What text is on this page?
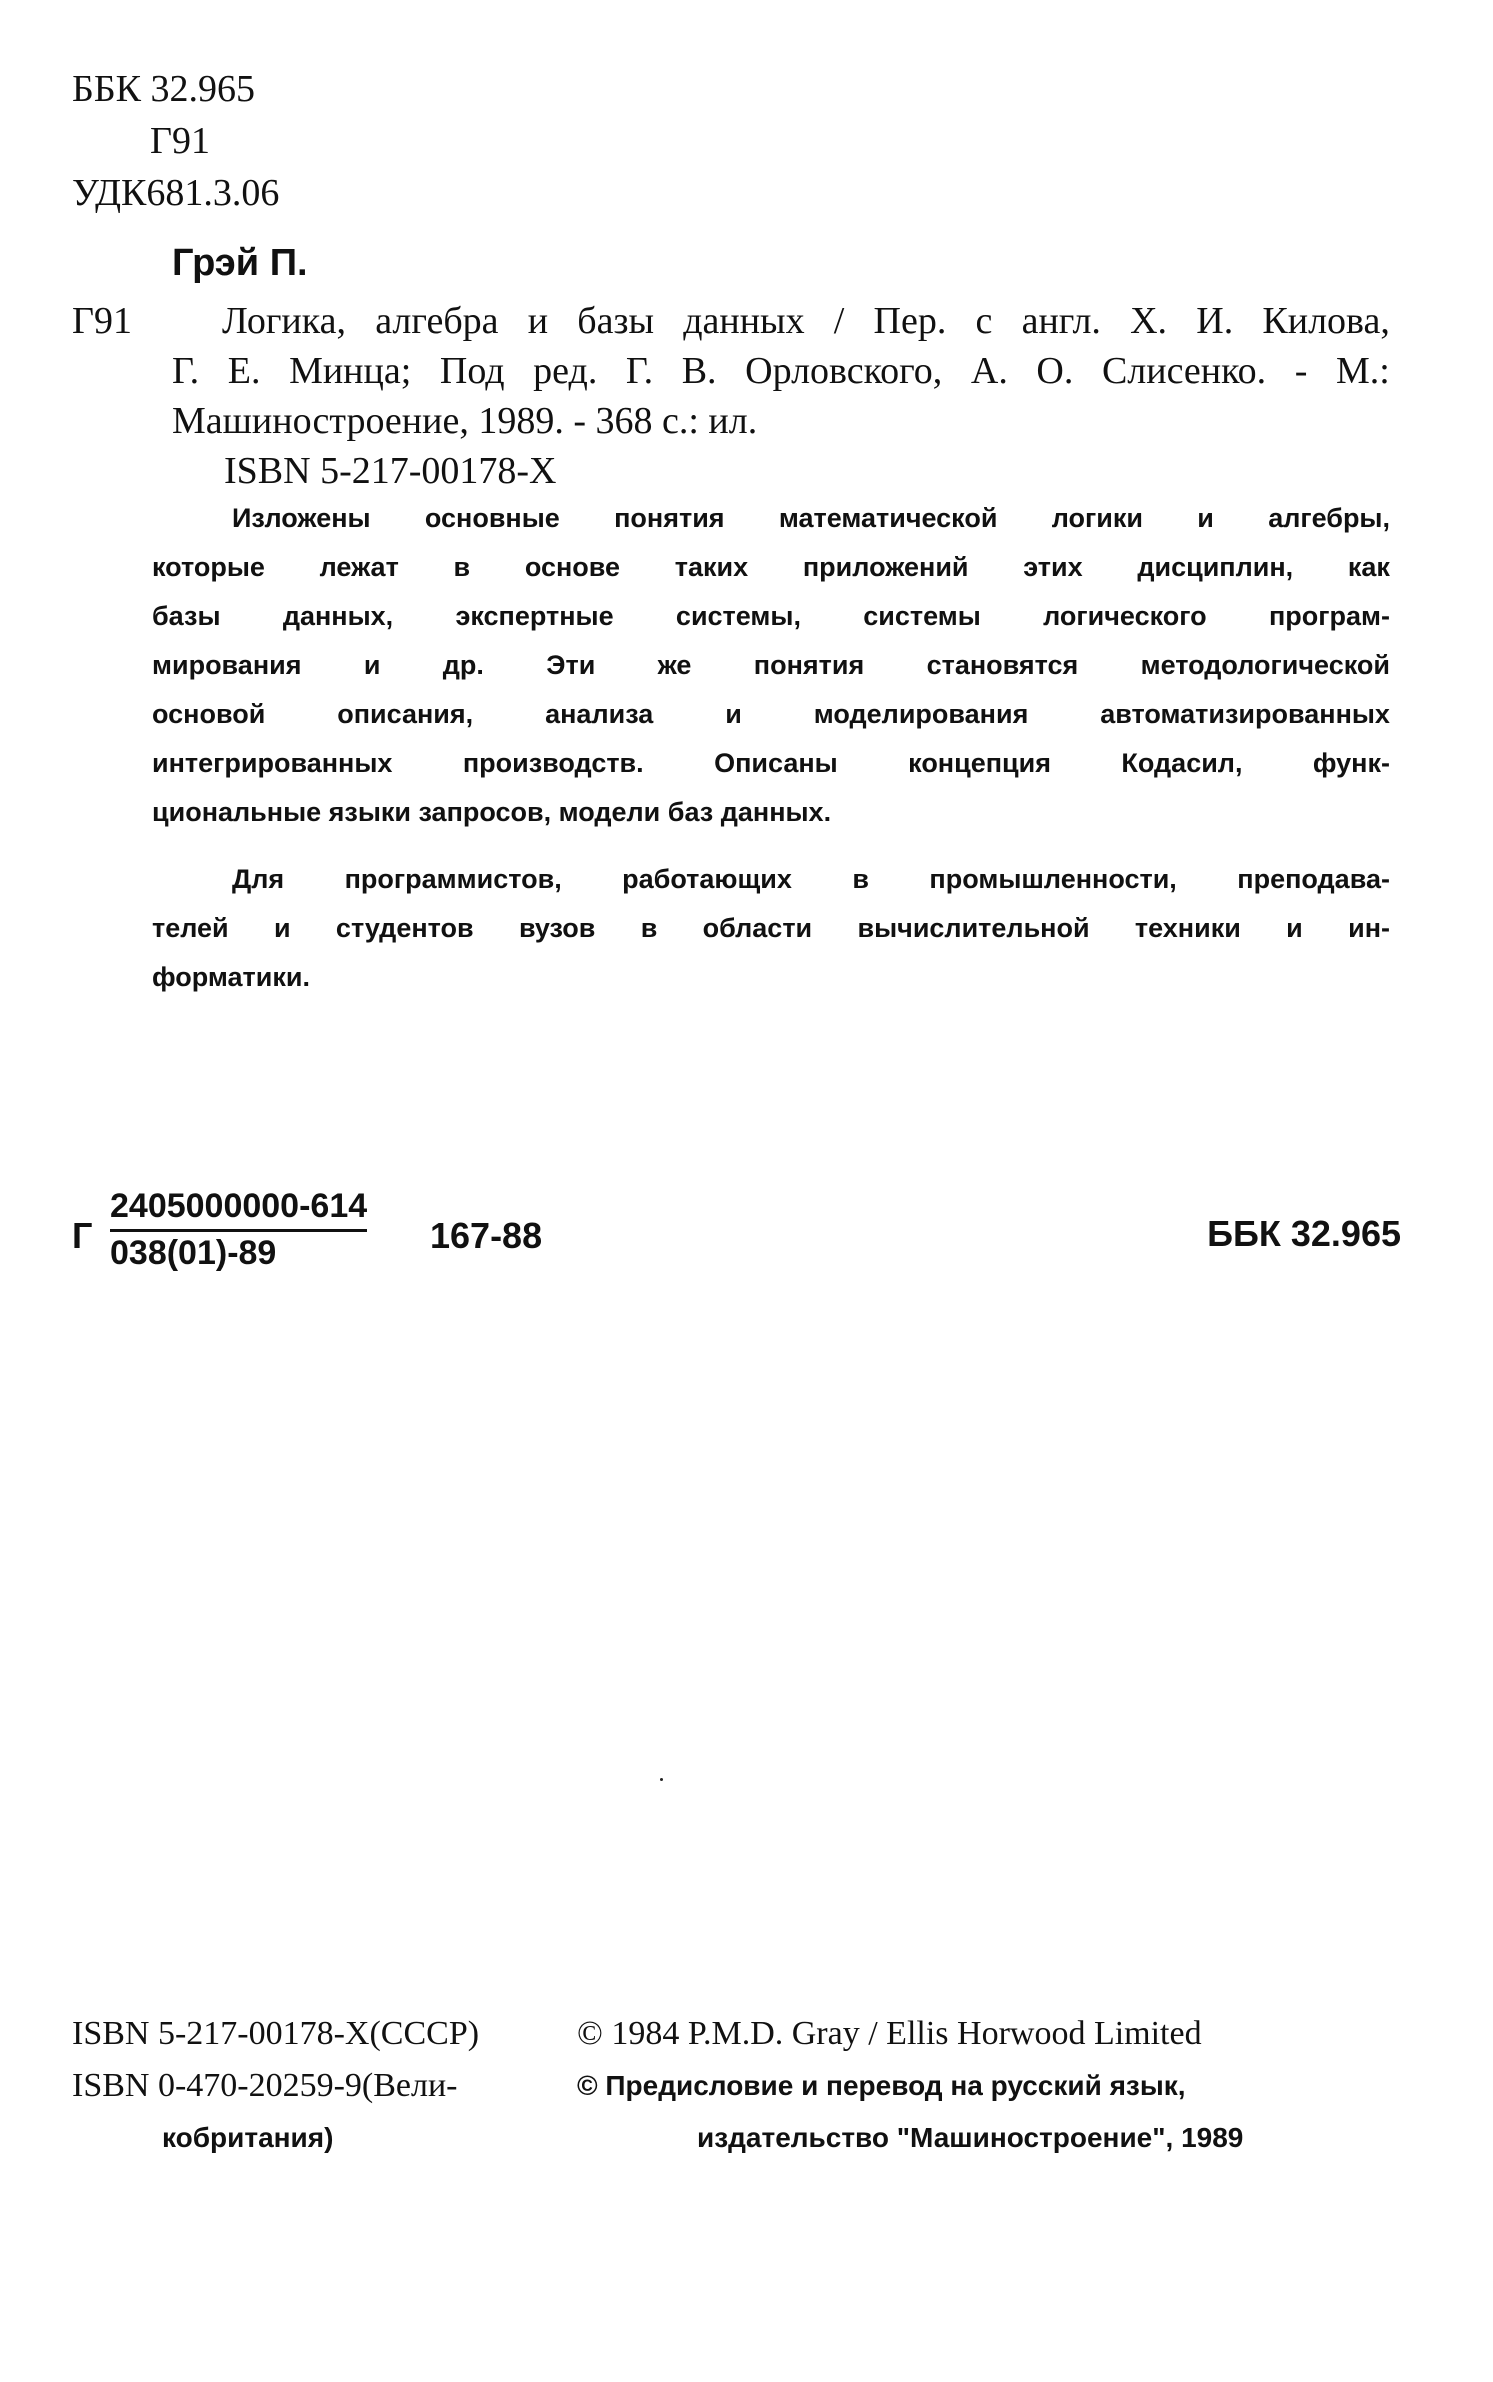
ББК 32.965
Г91
УДК681.3.06
Грэй П.
Г91 Логика, алгебра и базы данных / Пер. с англ. Х. И. Килова,
Г. Е. Минца; Под ред. Г. В. Орловского, А. О. Слисенко. - М.:
Машиностроение, 1989. - 368 с.: ил.
ISBN 5-217-00178-X
Изложены основные понятия математической логики и алгебры,
которые лежат в основе таких приложений этих дисциплин, как
базы данных, экспертные системы, системы логического програм-
мирования и др. Эти же понятия становятся методологической
основой	описания,	анализа	и	моделирования	автоматизированных
интегрированных	производств.	Описаны	концепция	Кодасил,	функ-
циональные языки запросов, модели баз данных.
Для программистов, работающих в промышленности, преподава-
телей и студентов вузов в области вычислительной техники и ин-
форматики.
Г $\frac{2405000000-614}{038(01)-89} 167-88$	ББК 32.965
ISBN 5-217-00178-X(СССР)	© 1984 P.M.D. Gray / Ellis Horwood Limited
ISBN 0-470-20259-9(Вели-	© Предисловие и перевод на русский язык,
кобритания)	издательство "Машиностроение", 1989
